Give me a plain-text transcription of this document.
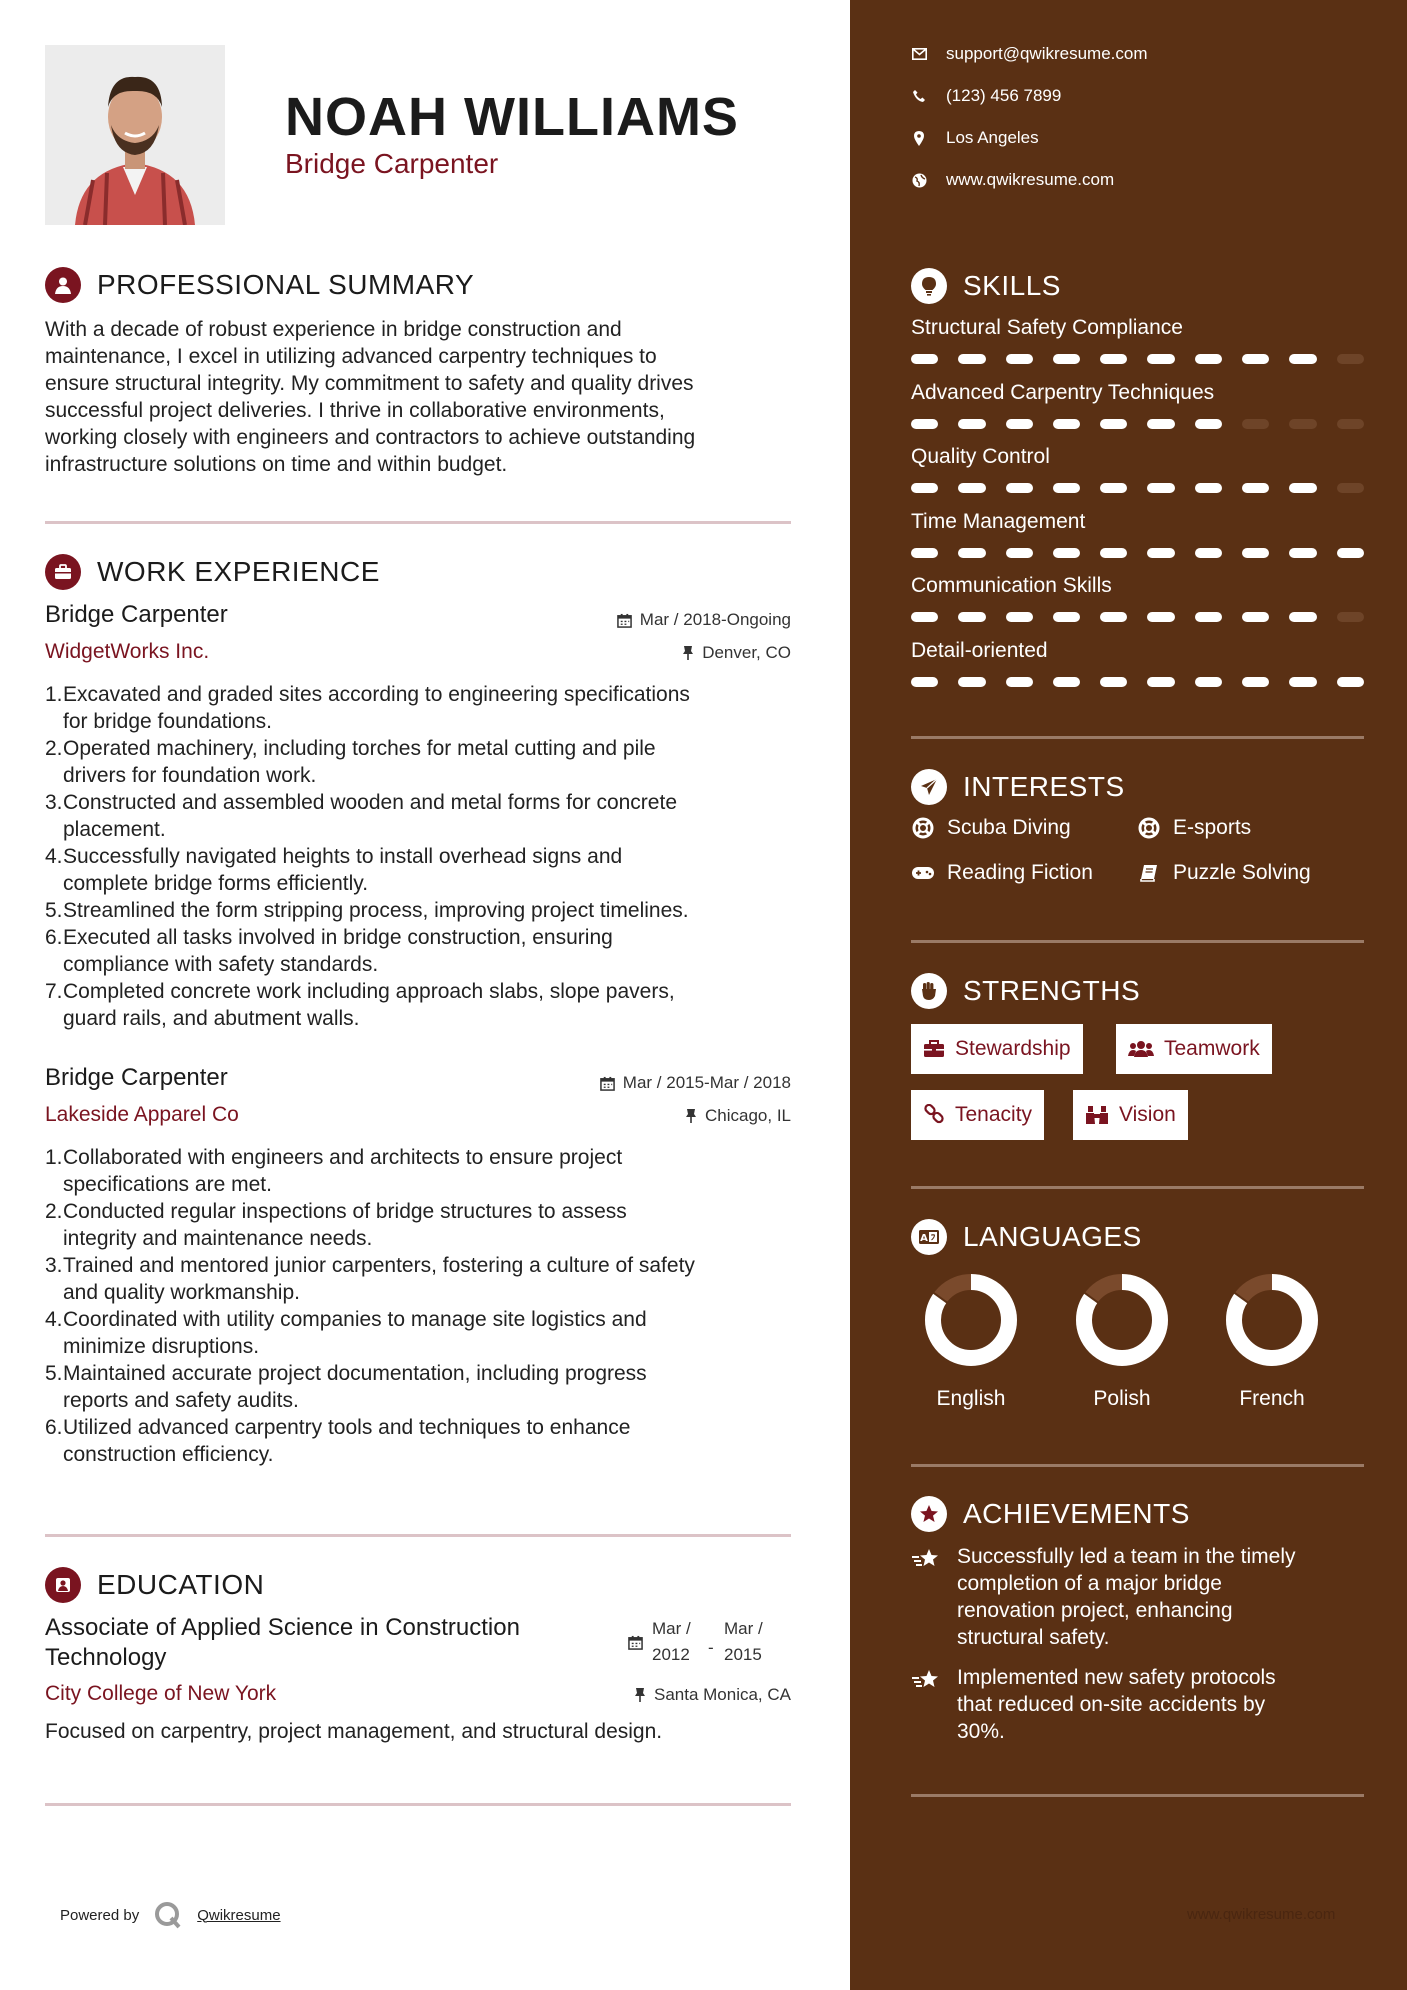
NOAH WILLIAMS
Bridge Carpenter
PROFESSIONAL SUMMARY
With a decade of robust experience in bridge construction and
maintenance, I excel in utilizing advanced carpentry techniques to
ensure structural integrity. My commitment to safety and quality drives
successful project deliveries. I thrive in collaborative environments,
working closely with engineers and contractors to achieve outstanding
infrastructure solutions on time and within budget.
WORK EXPERIENCE
Bridge Carpenter	Mar / 2018-Ongoing
WidgetWorks Inc.	Denver, CO
1. Excavated and graded sites according to engineering specifications
for bridge foundations.
2. Operated machinery, including torches for metal cutting and pile
drivers for foundation work.
3. Constructed and assembled wooden and metal forms for concrete
placement.
4. Successfully navigated heights to install overhead signs and
complete bridge forms efficiently.
5. Streamlined the form stripping process, improving project timelines.
6. Executed all tasks involved in bridge construction, ensuring
compliance with safety standards.
7. Completed concrete work including approach slabs, slope pavers,
guard rails, and abutment walls.
Bridge Carpenter	Mar / 2015-Mar / 2018
Lakeside Apparel Co	Chicago, IL
1. Collaborated with engineers and architects to ensure project
specifications are met.
2. Conducted regular inspections of bridge structures to assess
integrity and maintenance needs.
3. Trained and mentored junior carpenters, fostering a culture of safety
and quality workmanship.
4. Coordinated with utility companies to manage site logistics and
minimize disruptions.
5. Maintained accurate project documentation, including progress
reports and safety audits.
6. Utilized advanced carpentry tools and techniques to enhance
construction efficiency.
EDUCATION
Associate of Applied Science in Construction
Technology
Mar /
2012	-
Mar /
2015
City College of New York	Santa Monica, CA
Focused on carpentry, project management, and structural design.
Powered by	Qwikresume
support@qwikresume.com
(123) 456 7899
Los Angeles
www.qwikresume.com
SKILLS
Structural Safety Compliance
Advanced Carpentry Techniques
Quality Control
Time Management
Communication Skills
Detail-oriented
INTERESTS
Scuba Diving	E-sports
Reading Fiction	Puzzle Solving
STRENGTHS
Stewardship	Teamwork
Tenacity	Vision
A LANGUAGES
English	Polish	French
ACHIEVEMENTS
Successfully led a team in the timely
completion of a major bridge
renovation project, enhancing
structural safety.
Implemented new safety protocols
that reduced on-site accidents by
30%.
www.qwikresume.com
